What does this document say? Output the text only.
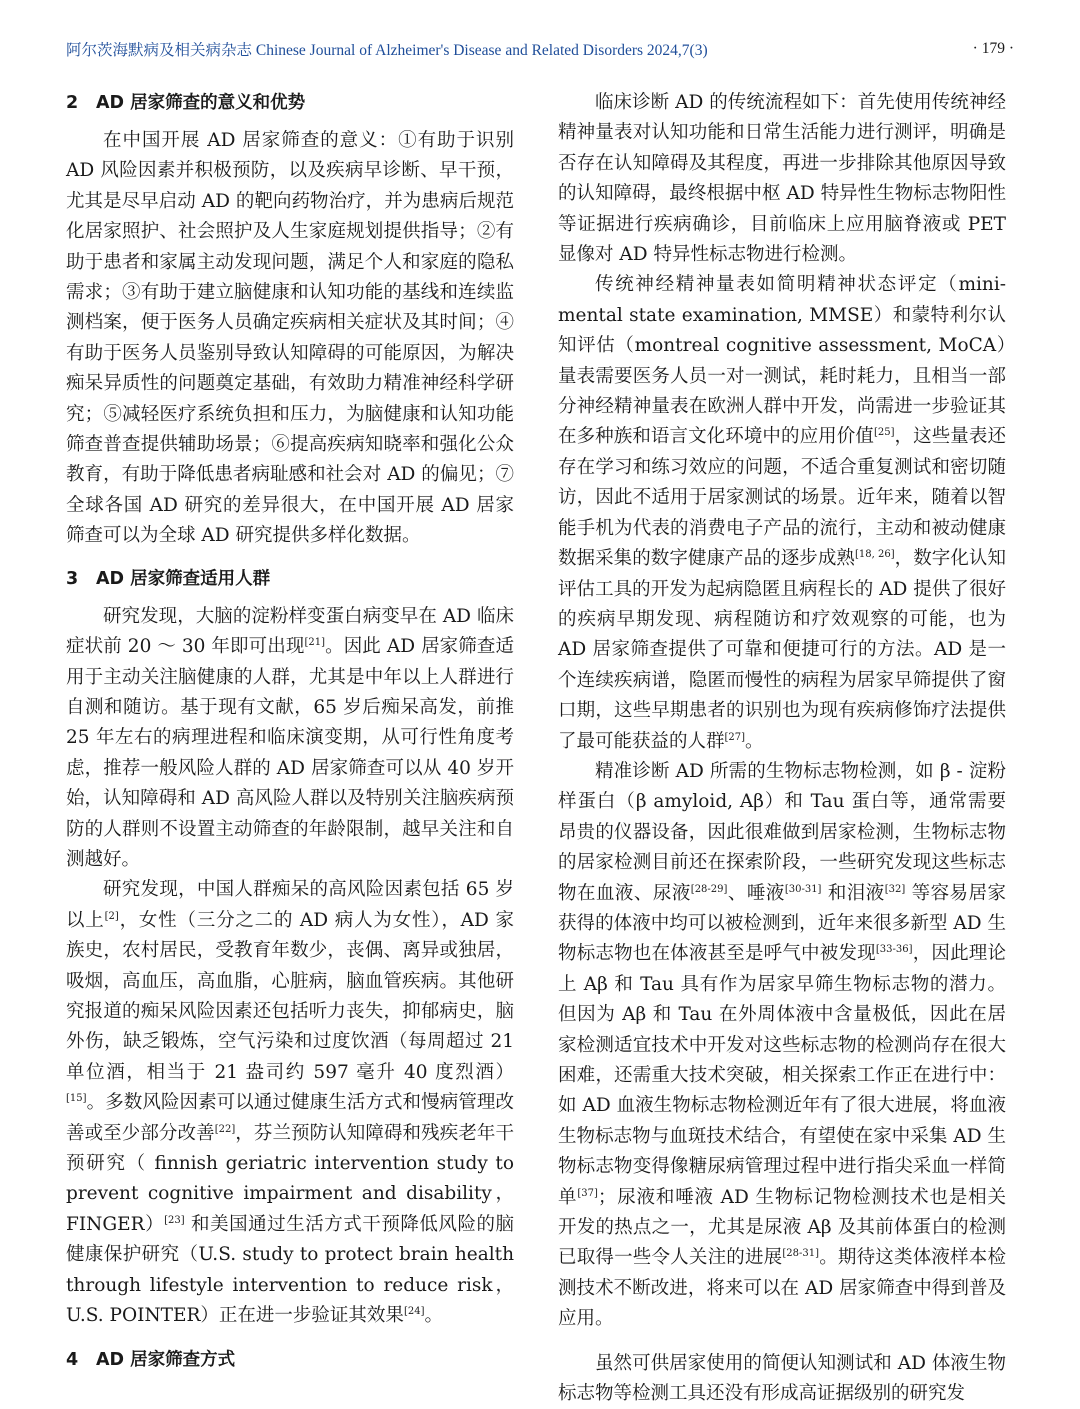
阿尔茨海默病及相关病杂志 Chinese Journal of Alzheimer's Disease and Related Disorders 2024,7(3)	· 179 ·
2 AD 居家筛查的意义和优势

在中国开展 AD 居家筛查的意义：①有助于识别 AD 风险因素并积极预防，以及疾病早诊断、早干预，尤其是尽早启动 AD 的靶向药物治疗，并为患病后规范化居家照护、社会照护及人生家庭规划提供指导；②有助于患者和家属主动发现问题，满足个人和家庭的隐私需求；③有助于建立脑健康和认知功能的基线和连续监测档案，便于医务人员确定疾病相关症状及其时间；④有助于医务人员鉴别导致认知障碍的可能原因，为解决痴呆异质性的问题奠定基础，有效助力精准神经科学研究；⑤减轻医疗系统负担和压力，为脑健康和认知功能筛查普查提供辅助场景；⑥提高疾病知晓率和强化公众教育，有助于降低患者病耻感和社会对 AD 的偏见；⑦全球各国 AD 研究的差异很大，在中国开展 AD 居家筛查可以为全球 AD 研究提供多样化数据。

3 AD 居家筛查适用人群

研究发现，大脑的淀粉样变蛋白病变早在 AD 临床症状前 20 ～ 30 年即可出现[21]。因此 AD 居家筛查适用于主动关注脑健康的人群，尤其是中年以上人群进行自测和随访。基于现有文献，65 岁后痴呆高发，前推 25 年左右的病理进程和临床演变期，从可行性角度考虑，推荐一般风险人群的 AD 居家筛查可以从 40 岁开始，认知障碍和 AD 高风险人群以及特别关注脑疾病预防的人群则不设置主动筛查的年龄限制，越早关注和自测越好。

研究发现，中国人群痴呆的高风险因素包括 65 岁以上[2]，女性（三分之二的 AD 病人为女性），AD 家族史，农村居民，受教育年数少，丧偶、离异或独居，吸烟，高血压，高血脂，心脏病，脑血管疾病。其他研究报道的痴呆风险因素还包括听力丧失，抑郁病史，脑外伤，缺乏锻炼，空气污染和过度饮酒（每周超过 21 单位酒，相当于 21 盎司约 597 毫升 40 度烈酒）[15]。多数风险因素可以通过健康生活方式和慢病管理改善或至少部分改善[22]，芬兰预防认知障碍和残疾老年干预研究（ finnish geriatric intervention study to prevent cognitive impairment and disability，FINGER）[23] 和美国通过生活方式干预降低风险的脑健康保护研究（U.S. study to protect brain health through lifestyle intervention to reduce risk，U.S. POINTER）正在进一步验证其效果[24]。

4 AD 居家筛查方式

临床诊断 AD 的传统流程如下：首先使用传统神经精神量表对认知功能和日常生活能力进行测评，明确是否存在认知障碍及其程度，再进一步排除其他原因导致的认知障碍，最终根据中枢 AD 特异性生物标志物阳性等证据进行疾病确诊，目前临床上应用脑脊液或 PET 显像对 AD 特异性标志物进行检测。

传统神经精神量表如简明精神状态评定（mini-mental state examination, MMSE）和蒙特利尔认知评估（montreal cognitive assessment, MoCA）量表需要医务人员一对一测试，耗时耗力，且相当一部分神经精神量表在欧洲人群中开发，尚需进一步验证其在多种族和语言文化环境中的应用价值[25]，这些量表还存在学习和练习效应的问题，不适合重复测试和密切随访，因此不适用于居家测试的场景。近年来，随着以智能手机为代表的消费电子产品的流行，主动和被动健康数据采集的数字健康产品的逐步成熟[18, 26]，数字化认知评估工具的开发为起病隐匿且病程长的 AD 提供了很好的疾病早期发现、病程随访和疗效观察的可能，也为 AD 居家筛查提供了可靠和便捷可行的方法。AD 是一个连续疾病谱，隐匿而慢性的病程为居家早筛提供了窗口期，这些早期患者的识别也为现有疾病修饰疗法提供了最可能获益的人群[27]。

精准诊断 AD 所需的生物标志物检测，如 β - 淀粉样蛋白（β amyloid, Aβ）和 Tau 蛋白等，通常需要昂贵的仪器设备，因此很难做到居家检测，生物标志物的居家检测目前还在探索阶段，一些研究发现这些标志物在血液、尿液[28-29]、唾液[30-31] 和泪液[32] 等容易居家获得的体液中均可以被检测到，近年来很多新型 AD 生物标志物也在体液甚至是呼气中被发现[33-36]，因此理论上 Aβ 和 Tau 具有作为居家早筛生物标志物的潜力。但因为 Aβ 和 Tau 在外周体液中含量极低，因此在居家检测适宜技术中开发对这些标志物的检测尚存在很大困难，还需重大技术突破，相关探索工作正在进行中：如 AD 血液生物标志物检测近年有了很大进展，将血液生物标志物与血斑技术结合，有望使在家中采集 AD 生物标志物变得像糖尿病管理过程中进行指尖采血一样简单[37]；尿液和唾液 AD 生物标记物检测技术也是相关开发的热点之一，尤其是尿液 Aβ 及其前体蛋白的检测已取得一些令人关注的进展[28-31]。期待这类体液样本检测技术不断改进，将来可以在 AD 居家筛查中得到普及应用。

虽然可供居家使用的简便认知测试和 AD 体液生物标志物等检测工具还没有形成高证据级别的研究发
